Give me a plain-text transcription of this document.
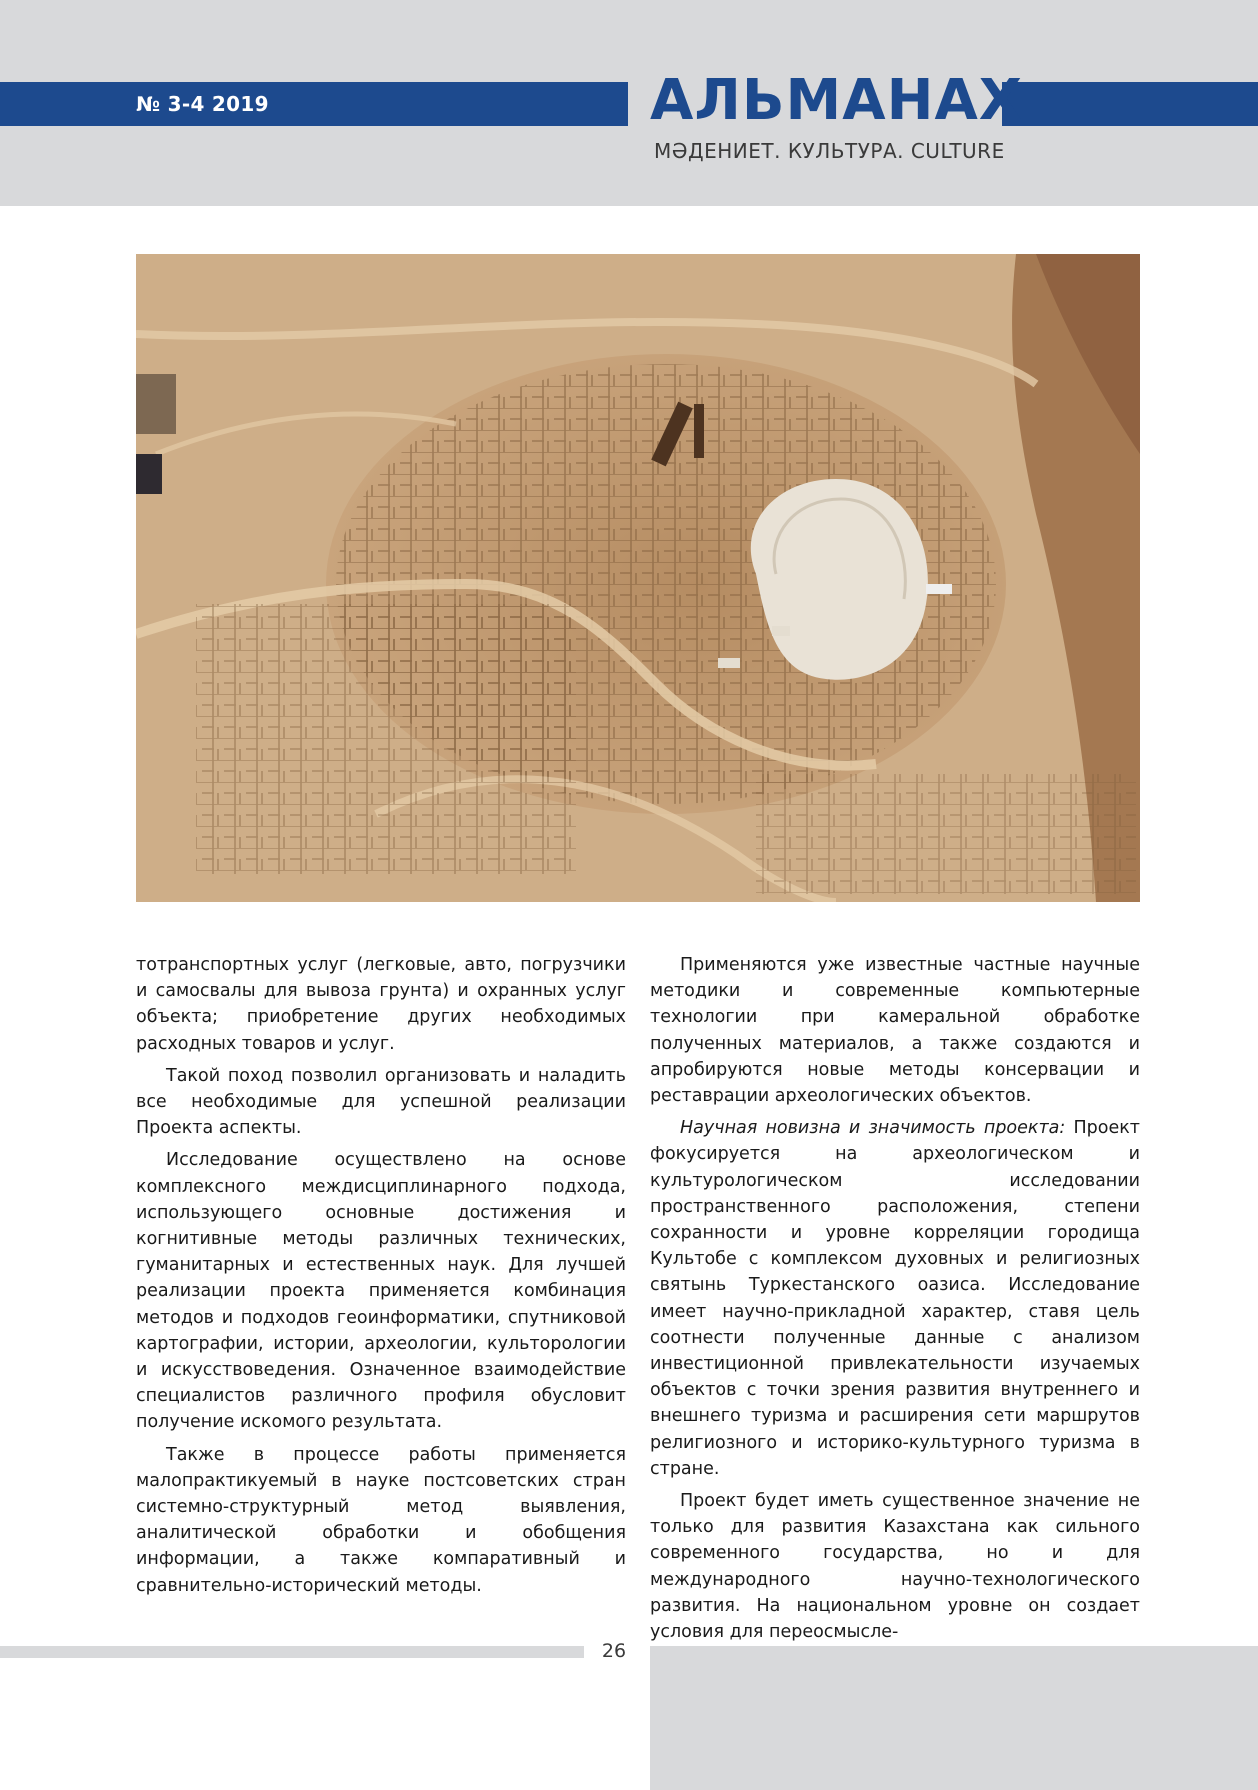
№ 3-4 2019	АЛЬМАНАХ
МӘДЕНИЕТ. КУЛЬТУРА. CULTURE

тотранспортных услуг (легковые, авто, погрузчики и самосвалы для вывоза грунта) и охранных услуг объекта; приобретение других необходимых расходных товаров и услуг.

Такой поход позволил организовать и наладить все необходимые для успешной реализации Проекта аспекты.

Исследование осуществлено на основе комплексного междисциплинарного подхода, использующего основные достижения и когнитивные методы различных технических, гуманитарных и естественных наук. Для лучшей реализации проекта применяется комбинация методов и подходов геоинформатики, спутниковой картографии, истории, археологии, культорологии и искусствоведения. Означенное взаимодействие специалистов различного профиля обусловит получение искомого результата.

Также в процессе работы применяется малопрактикуемый в науке постсоветских стран системно-структурный метод выявления, аналитической обработки и обобщения информации, а также компаративный и сравнительно-исторический методы.

Применяются уже известные частные научные методики и современные компьютерные технологии при камеральной обработке полученных материалов, а также создаются и апробируются новые методы консервации и реставрации археологических объектов.

Научная новизна и значимость проекта: Проект фокусируется на археологическом и культурологическом исследовании пространственного расположения, степени сохранности и уровне корреляции городища Культобе с комплексом духовных и религиозных святынь Туркестанского оазиса. Исследование имеет научно-прикладной характер, ставя цель соотнести полученные данные с анализом инвестиционной привлекательности изучаемых объектов с точки зрения развития внутреннего и внешнего туризма и расширения сети маршрутов религиозного и историко-культурного туризма в стране.

Проект будет иметь существенное значение не только для развития Казахстана как сильного современного государства, но и для международного научно-технологического развития. На национальном уровне он создает условия для переосмысле-

26
